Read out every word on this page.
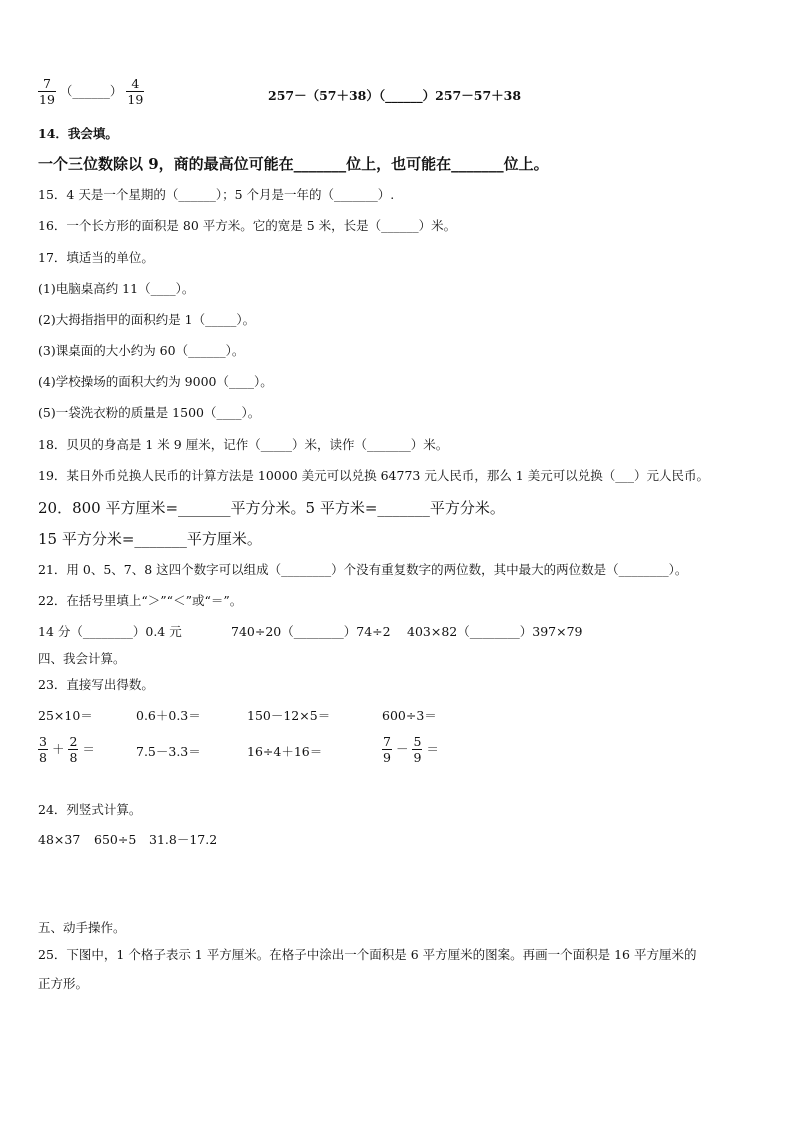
$\frac{7}{19}$ （______） $\frac{4}{19}$	257－（57＋38）（______）257－57＋38
14．我会填。
一个三位数除以 9，商的最高位可能在_______位上，也可能在_______位上。
15．4 天是一个星期的（______）；5 个月是一年的（_______）.
16．一个长方形的面积是 80 平方米。它的宽是 5 米，长是（______）米。
17．填适当的单位。
(1)电脑桌高约 11（____）。
(2)大拇指指甲的面积约是 1（_____）。
(3)课桌面的大小约为 60（______）。
(4)学校操场的面积大约为 9000（____）。
(5)一袋洗衣粉的质量是 1500（____）。
18．贝贝的身高是 1 米 9 厘米，记作（_____）米，读作（_______）米。
19．某日外币兑换人民币的计算方法是 10000 美元可以兑换 64773 元人民币，那么 1 美元可以兑换（___）元人民币。
20．800 平方厘米=_______平方分米。5 平方米=_______平方分米。
15 平方分米=_______平方厘米。
21．用 0、5、7、8 这四个数字可以组成（________）个没有重复数字的两位数，其中最大的两位数是（________）。
22．在括号里填上“＞”“＜”或“＝”。
14 分（________）0.4 元	740÷20（________）74÷2 403×82（________）397×79
四、我会计算。
23．直接写出得数。
25×10＝	0.6＋0.3＝	150－12×5＝	600÷3＝
$\frac{3}{8} + \frac{2}{8}$ ＝	7.5－3.3＝	16÷4＋16＝	$\frac{7}{9} - \frac{5}{9}$ ＝
24．列竖式计算。
48×37 650÷5 31.8－17.2
五、动手操作。
25．下图中，1 个格子表示 1 平方厘米。在格子中涂出一个面积是 6 平方厘米的图案。再画一个面积是 16 平方厘米的
正方形。
